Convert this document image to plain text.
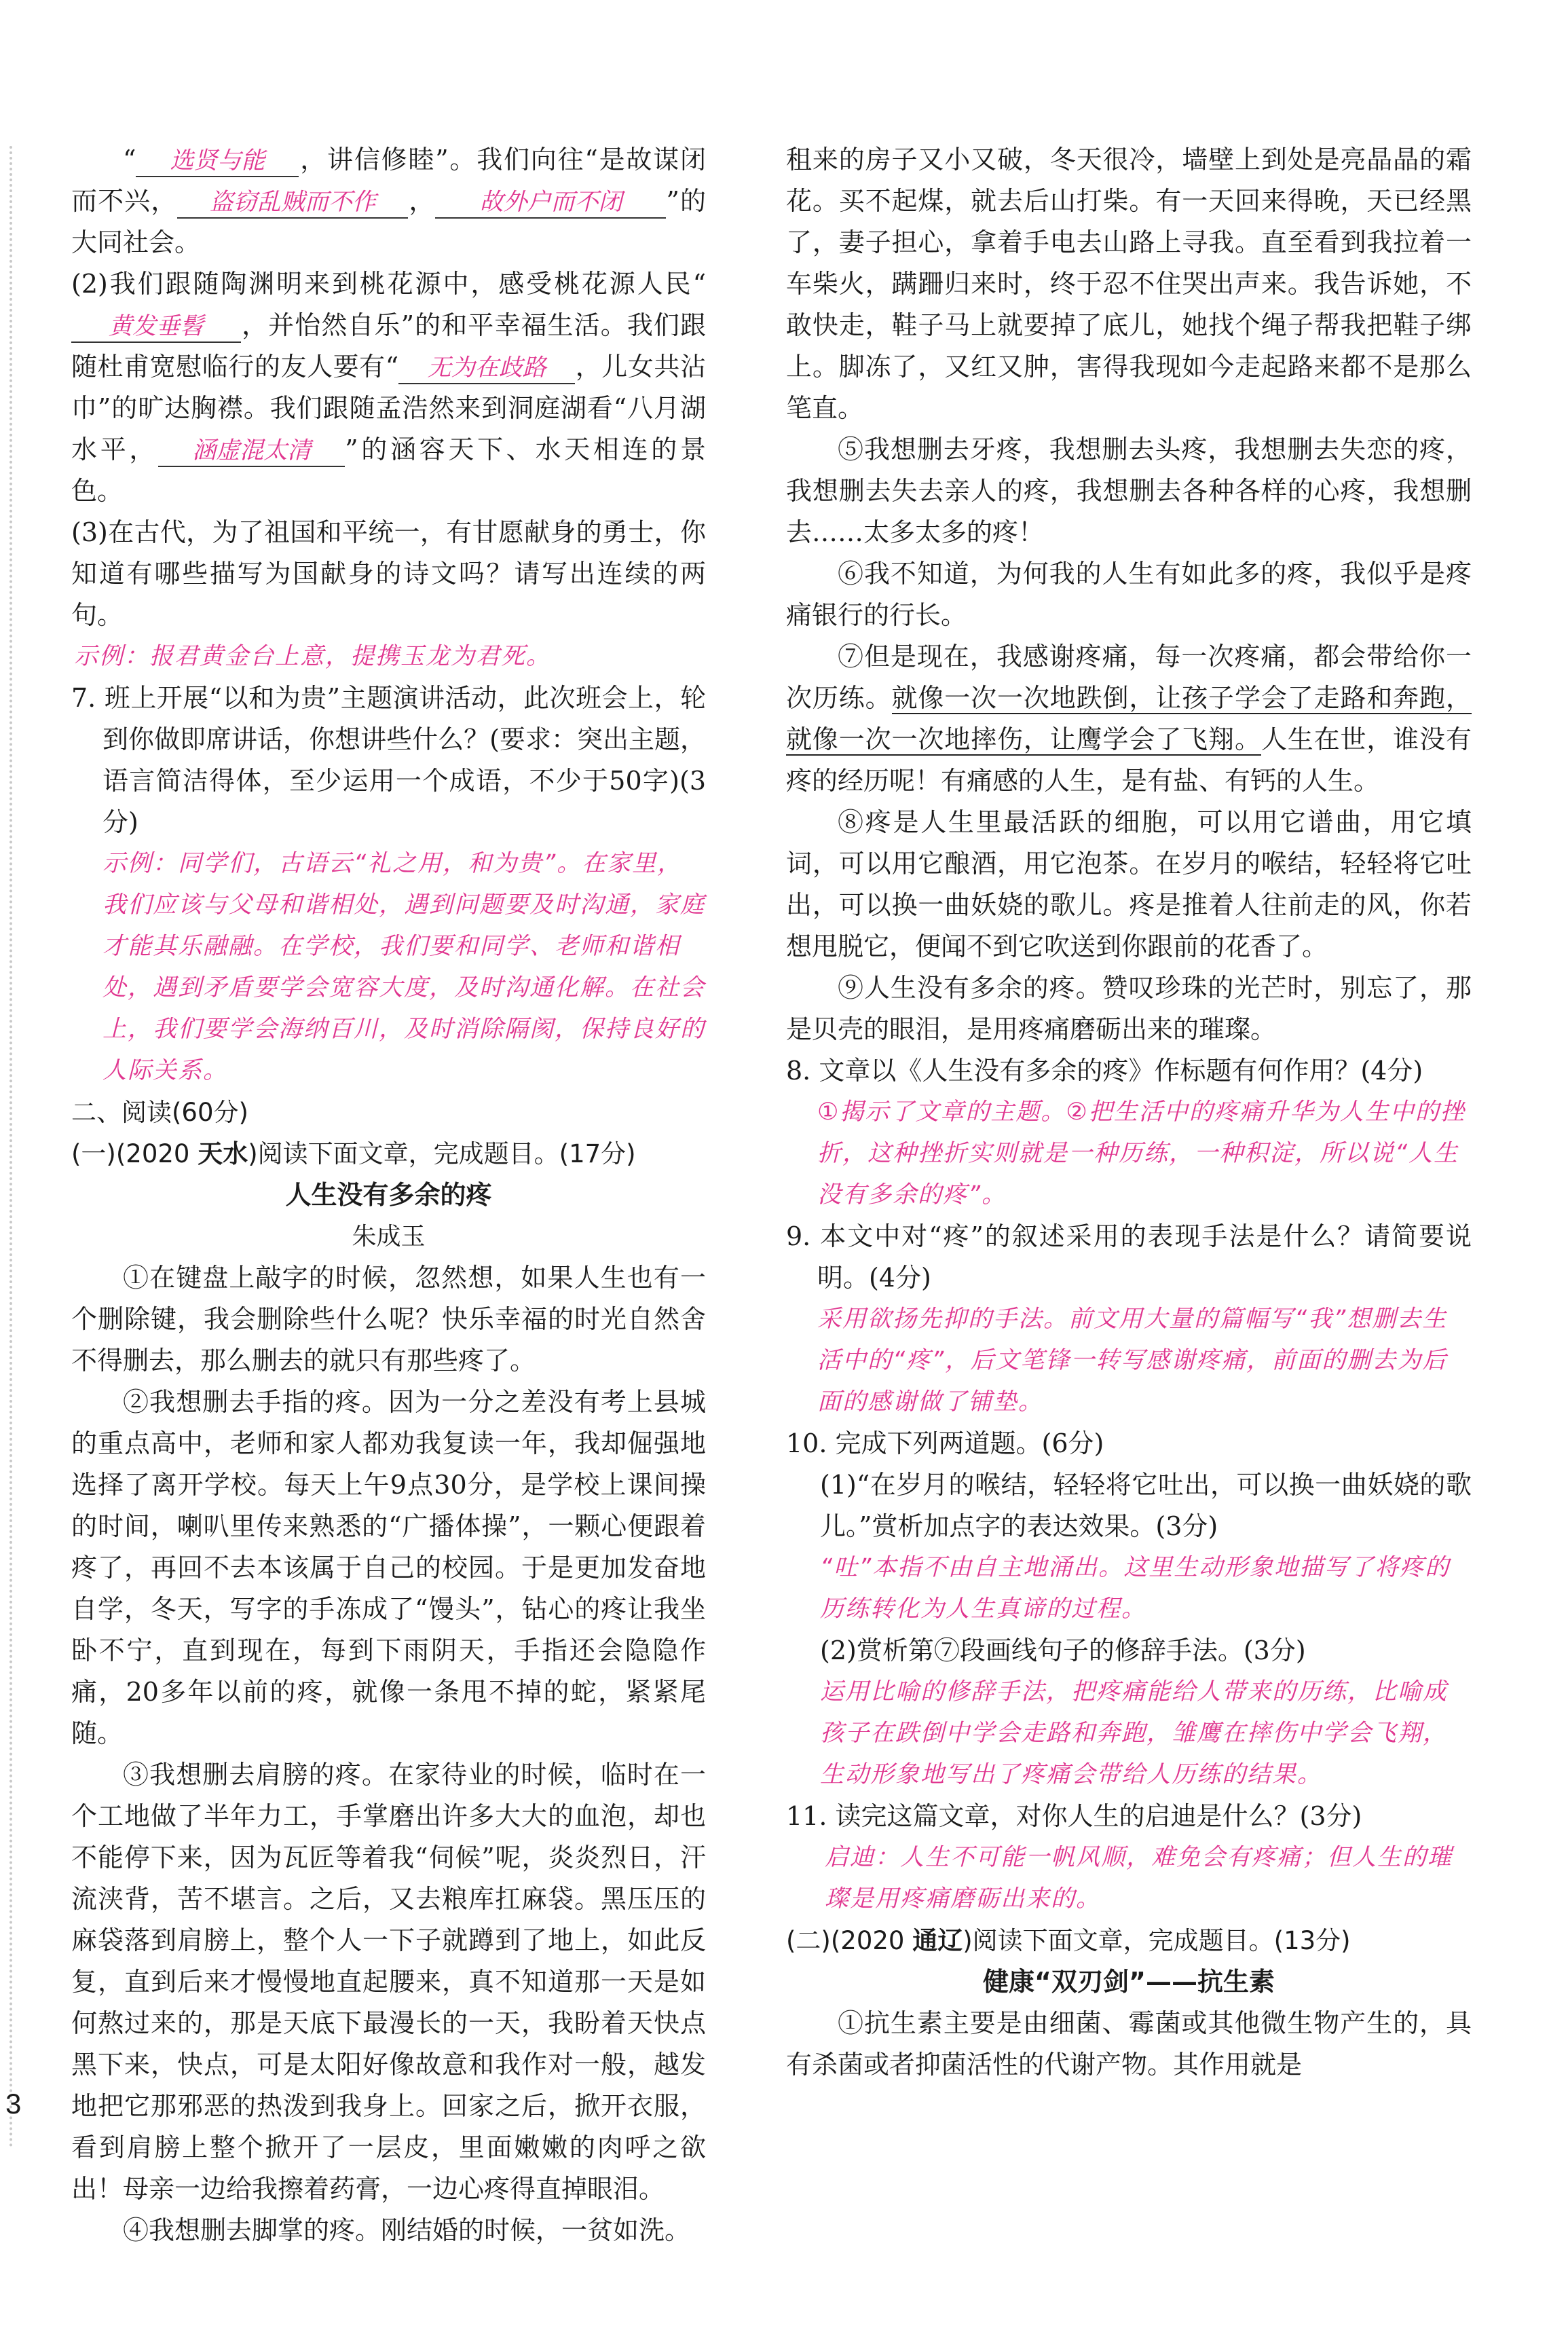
“ 选贤与能 ，讲信修睦”。我们向往“是故谋闭而不兴， 盗窃乱贼而不作 ， 故外户而不闭 ”的大同社会。

(2)我们跟随陶渊明来到桃花源中，感受桃花源人民“黄发垂髫 ，并怡然自乐”的和平幸福生活。我们跟随杜甫宽慰临行的友人要有“ 无为在歧路 ，儿女共沾巾”的旷达胸襟。我们跟随孟浩然来到洞庭湖看“八月湖水平， 涵虚混太清 ”的涵容天下、水天相连的景色。

(3)在古代，为了祖国和平统一，有甘愿献身的勇士，你知道有哪些描写为国献身的诗文吗？请写出连续的两句。

示例：报君黄金台上意，提携玉龙为君死。

7. 班上开展“以和为贵”主题演讲活动，此次班会上，轮到你做即席讲话，你想讲些什么？(要求：突出主题，语言简洁得体，至少运用一个成语，不少于50字)(3分)

示例：同学们，古语云“礼之用，和为贵”。在家里，我们应该与父母和谐相处，遇到问题要及时沟通，家庭才能其乐融融。在学校，我们要和同学、老师和谐相处，遇到矛盾要学会宽容大度，及时沟通化解。在社会上，我们要学会海纳百川，及时消除隔阂，保持良好的人际关系。

二、阅读(60分)

(一)(2020 天水)阅读下面文章，完成题目。(17分)

人生没有多余的疼

朱成玉

①在键盘上敲字的时候，忽然想，如果人生也有一个删除键，我会删除些什么呢？快乐幸福的时光自然舍不得删去，那么删去的就只有那些疼了。

②我想删去手指的疼。因为一分之差没有考上县城的重点高中，老师和家人都劝我复读一年，我却倔强地选择了离开学校。每天上午9点30分，是学校上课间操的时间，喇叭里传来熟悉的“广播体操”，一颗心便跟着疼了，再回不去本该属于自己的校园。于是更加发奋地自学，冬天，写字的手冻成了“馒头”，钻心的疼让我坐卧不宁，直到现在，每到下雨阴天，手指还会隐隐作痛，20多年以前的疼，就像一条甩不掉的蛇，紧紧尾随。

③我想删去肩膀的疼。在家待业的时候，临时在一个工地做了半年力工，手掌磨出许多大大的血泡，却也不能停下来，因为瓦匠等着我“伺候”呢，炎炎烈日，汗流浃背，苦不堪言。之后，又去粮库扛麻袋。黑压压的麻袋落到肩膀上，整个人一下子就蹲到了地上，如此反复，直到后来才慢慢地直起腰来，真不知道那一天是如何熬过来的，那是天底下最漫长的一天，我盼着天快点黑下来，快点，可是太阳好像故意和我作对一般，越发地把它那邪恶的热泼到我身上。回家之后，掀开衣服，看到肩膀上整个掀开了一层皮，里面嫩嫩的肉呼之欲出！母亲一边给我擦着药膏，一边心疼得直掉眼泪。

④我想删去脚掌的疼。刚结婚的时候，一贫如洗。

租来的房子又小又破，冬天很冷，墙壁上到处是亮晶晶的霜花。买不起煤，就去后山打柴。有一天回来得晚，天已经黑了，妻子担心，拿着手电去山路上寻我。直至看到我拉着一车柴火，蹒跚归来时，终于忍不住哭出声来。我告诉她，不敢快走，鞋子马上就要掉了底儿，她找个绳子帮我把鞋子绑上。脚冻了，又红又肿，害得我现如今走起路来都不是那么笔直。

⑤我想删去牙疼，我想删去头疼，我想删去失恋的疼，我想删去失去亲人的疼，我想删去各种各样的心疼，我想删去……太多太多的疼！

⑥我不知道，为何我的人生有如此多的疼，我似乎是疼痛银行的行长。

⑦但是现在，我感谢疼痛，每一次疼痛，都会带给你一次历练。就像一次一次地跌倒，让孩子学会了走路和奔跑，就像一次一次地摔伤，让鹰学会了飞翔。人生在世，谁没有疼的经历呢！有痛感的人生，是有盐、有钙的人生。

⑧疼是人生里最活跃的细胞，可以用它谱曲，用它填词，可以用它酿酒，用它泡茶。在岁月的喉结，轻轻将它吐出，可以换一曲妖娆的歌儿。疼是推着人往前走的风，你若想甩脱它，便闻不到它吹送到你跟前的花香了。

⑨人生没有多余的疼。赞叹珍珠的光芒时，别忘了，那是贝壳的眼泪，是用疼痛磨砺出来的璀璨。

8. 文章以《人生没有多余的疼》作标题有何作用？(4分)

①揭示了文章的主题。②把生活中的疼痛升华为人生中的挫折，这种挫折实则就是一种历练，一种积淀，所以说“人生没有多余的疼”。

9. 本文中对“疼”的叙述采用的表现手法是什么？请简要说明。(4分)

采用欲扬先抑的手法。前文用大量的篇幅写“我”想删去生活中的“疼”，后文笔锋一转写感谢疼痛，前面的删去为后面的感谢做了铺垫。

10. 完成下列两道题。(6分)

(1)“在岁月的喉结，轻轻将它吐出，可以换一曲妖娆的歌儿。”赏析加点字的表达效果。(3分)

“吐”本指不由自主地涌出。这里生动形象地描写了将疼的历练转化为人生真谛的过程。

(2)赏析第⑦段画线句子的修辞手法。(3分)

运用比喻的修辞手法，把疼痛能给人带来的历练，比喻成孩子在跌倒中学会走路和奔跑，雏鹰在摔伤中学会飞翔，生动形象地写出了疼痛会带给人历练的结果。

11. 读完这篇文章，对你人生的启迪是什么？(3分)

启迪：人生不可能一帆风顺，难免会有疼痛；但人生的璀璨是用疼痛磨砺出来的。

(二)(2020 通辽)阅读下面文章，完成题目。(13分)

健康“双刃剑”——抗生素

①抗生素主要是由细菌、霉菌或其他微生物产生的，具有杀菌或者抑菌活性的代谢产物。其作用就是

3
